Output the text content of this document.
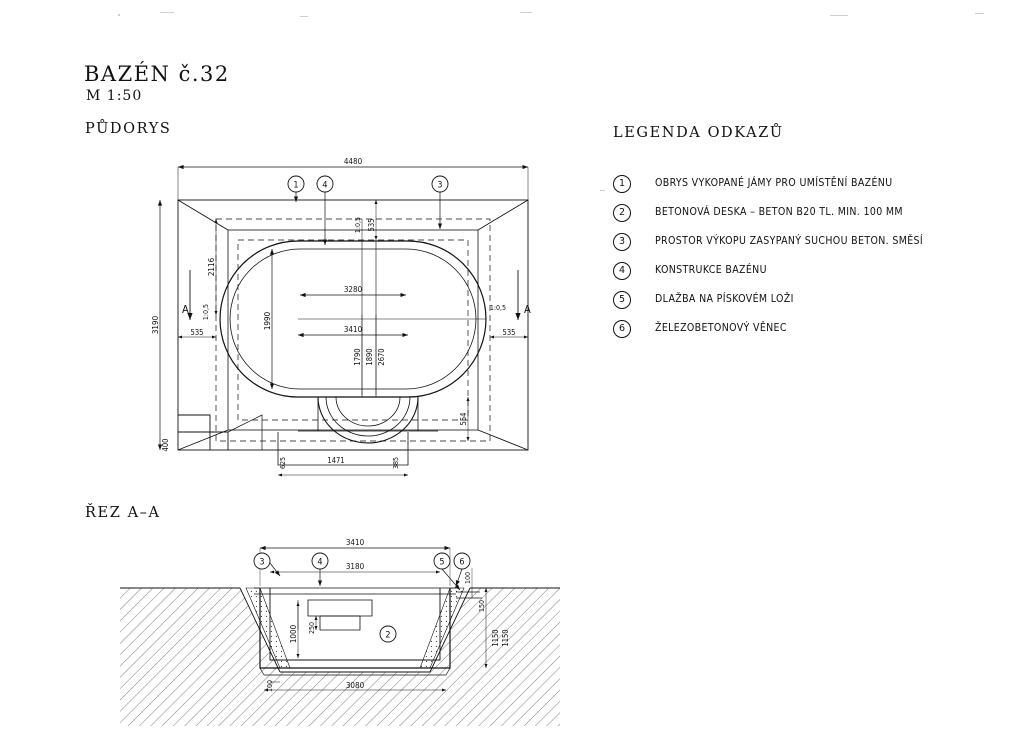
BAZÉN č.32
M 1:50
PŮDORYS
ŘEZ A–A
LEGENDA ODKAZŮ
1	OBRYS VYKOPANÉ JÁMY PRO UMÍSTĚNÍ BAZÉNU
2	BETONOVÁ DESKA – BETON B20 TL. MIN. 100 MM
3	PROSTOR VÝKOPU ZASYPANÝ SUCHOU BETON. SMĚSÍ
4	KONSTRUKCE BAZÉNU
5	DLAŽBA NA PÍSKOVÉM LOŽI
6	ŽELEZOBETONOVÝ VĚNEC
4480
3190
3280
3410
1990
2116
535
1:0,5
535	535
554
1790 1890 2670
1:0,5	1:0,5
400
625	1471	385
A	A
1	4	3
3410
3180
1000 250
3080
100
100
150
1150 1150
3	4	5 6
2
